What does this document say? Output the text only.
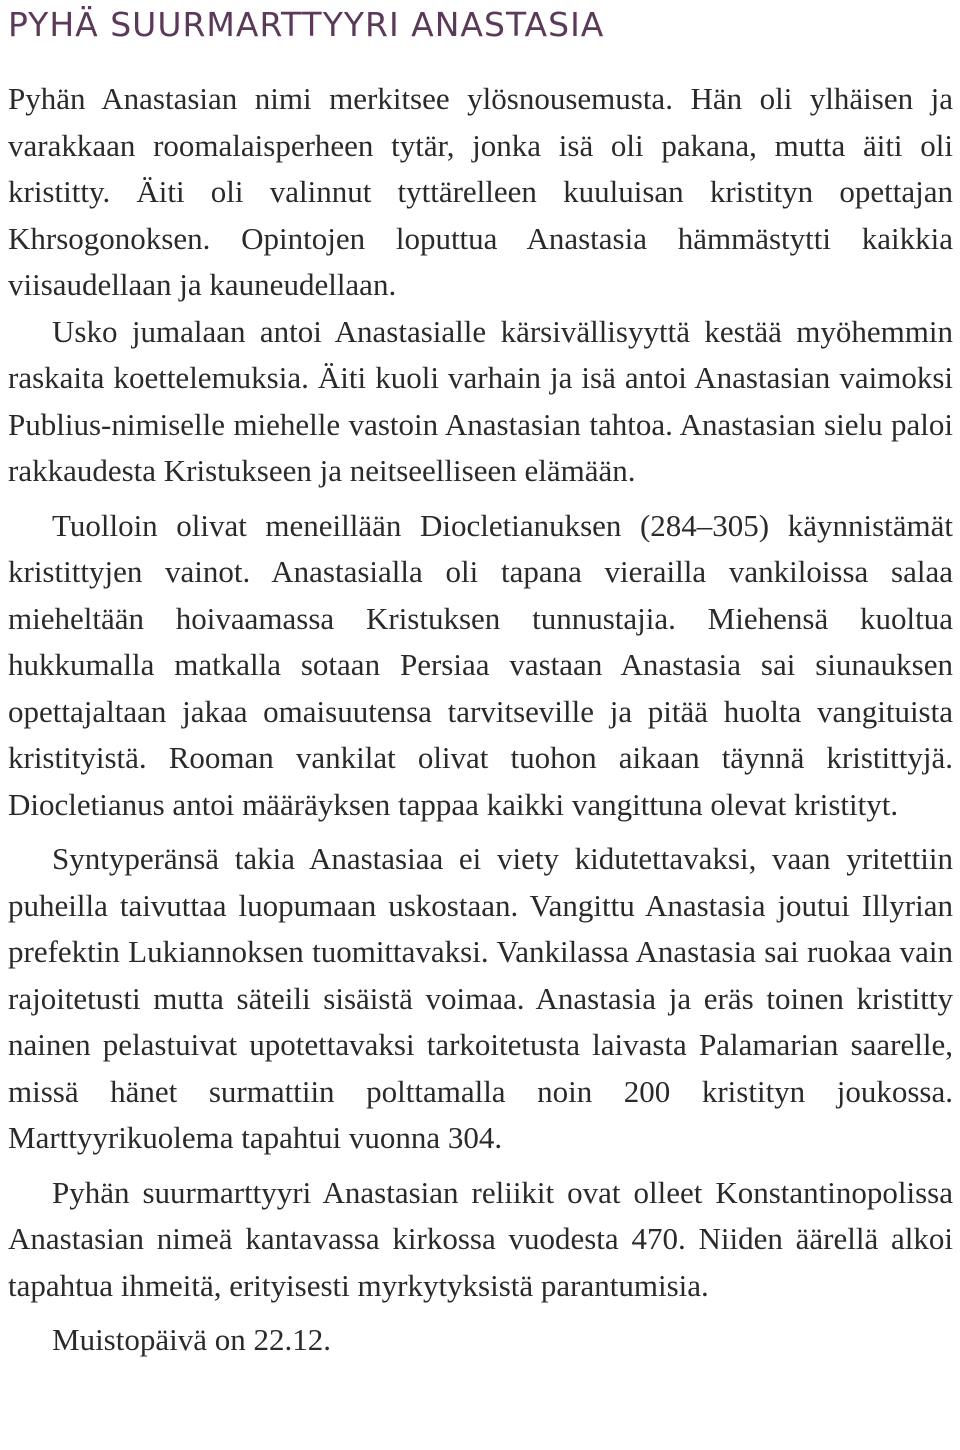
PYHÄ SUURMARTTYYRI ANASTASIA

Pyhän Anastasian nimi merkitsee ylösnousemusta. Hän oli ylhäisen ja varakkaan roomalaisperheen tytär, jonka isä oli pakana, mutta äiti oli kristitty. Äiti oli valinnut tyttärelleen kuuluisan kristityn opettajan Khrsogonoksen. Opintojen loputtua Anastasia hämmästytti kaikkia viisaudellaan ja kauneudellaan.

Usko jumalaan antoi Anastasialle kärsivällisyyttä kestää myöhemmin raskaita koettelemuksia. Äiti kuoli varhain ja isä antoi Anastasian vaimoksi Publius-nimiselle miehelle vastoin Anastasian tahtoa. Anastasian sielu paloi rakkaudesta Kristukseen ja neitseelliseen elämään.

Tuolloin olivat meneillään Diocletianuksen (284–305) käynnistämät kristittyjen vainot. Anastasialla oli tapana vierailla vankiloissa salaa mieheltään hoivaamassa Kristuksen tunnustajia. Miehensä kuoltua hukkumalla matkalla sotaan Persiaa vastaan Anastasia sai siunauksen opettajaltaan jakaa omaisuutensa tarvitseville ja pitää huolta vangituista kristityistä. Rooman vankilat olivat tuohon aikaan täynnä kristittyjä. Diocletianus antoi määräyksen tappaa kaikki vangittuna olevat kristityt.

Syntyperänsä takia Anastasiaa ei viety kidutettavaksi, vaan yritettiin puheilla taivuttaa luopumaan uskostaan. Vangittu Anastasia joutui Illyrian prefektin Lukiannoksen tuomittavaksi. Vankilassa Anastasia sai ruokaa vain rajoitetusti mutta säteili sisäistä voimaa. Anastasia ja eräs toinen kristitty nainen pelastuivat upotettavaksi tarkoitetusta laivasta Palamarian saarelle, missä hänet surmattiin polttamalla noin 200 kristityn joukossa. Marttyyrikuolema tapahtui vuonna 304.

Pyhän suurmarttyyri Anastasian reliikit ovat olleet Konstantinopolissa Anastasian nimeä kantavassa kirkossa vuodesta 470. Niiden äärellä alkoi tapahtua ihmeitä, erityisesti myrkytyksistä parantumisia.

Muistopäivä on 22.12.
